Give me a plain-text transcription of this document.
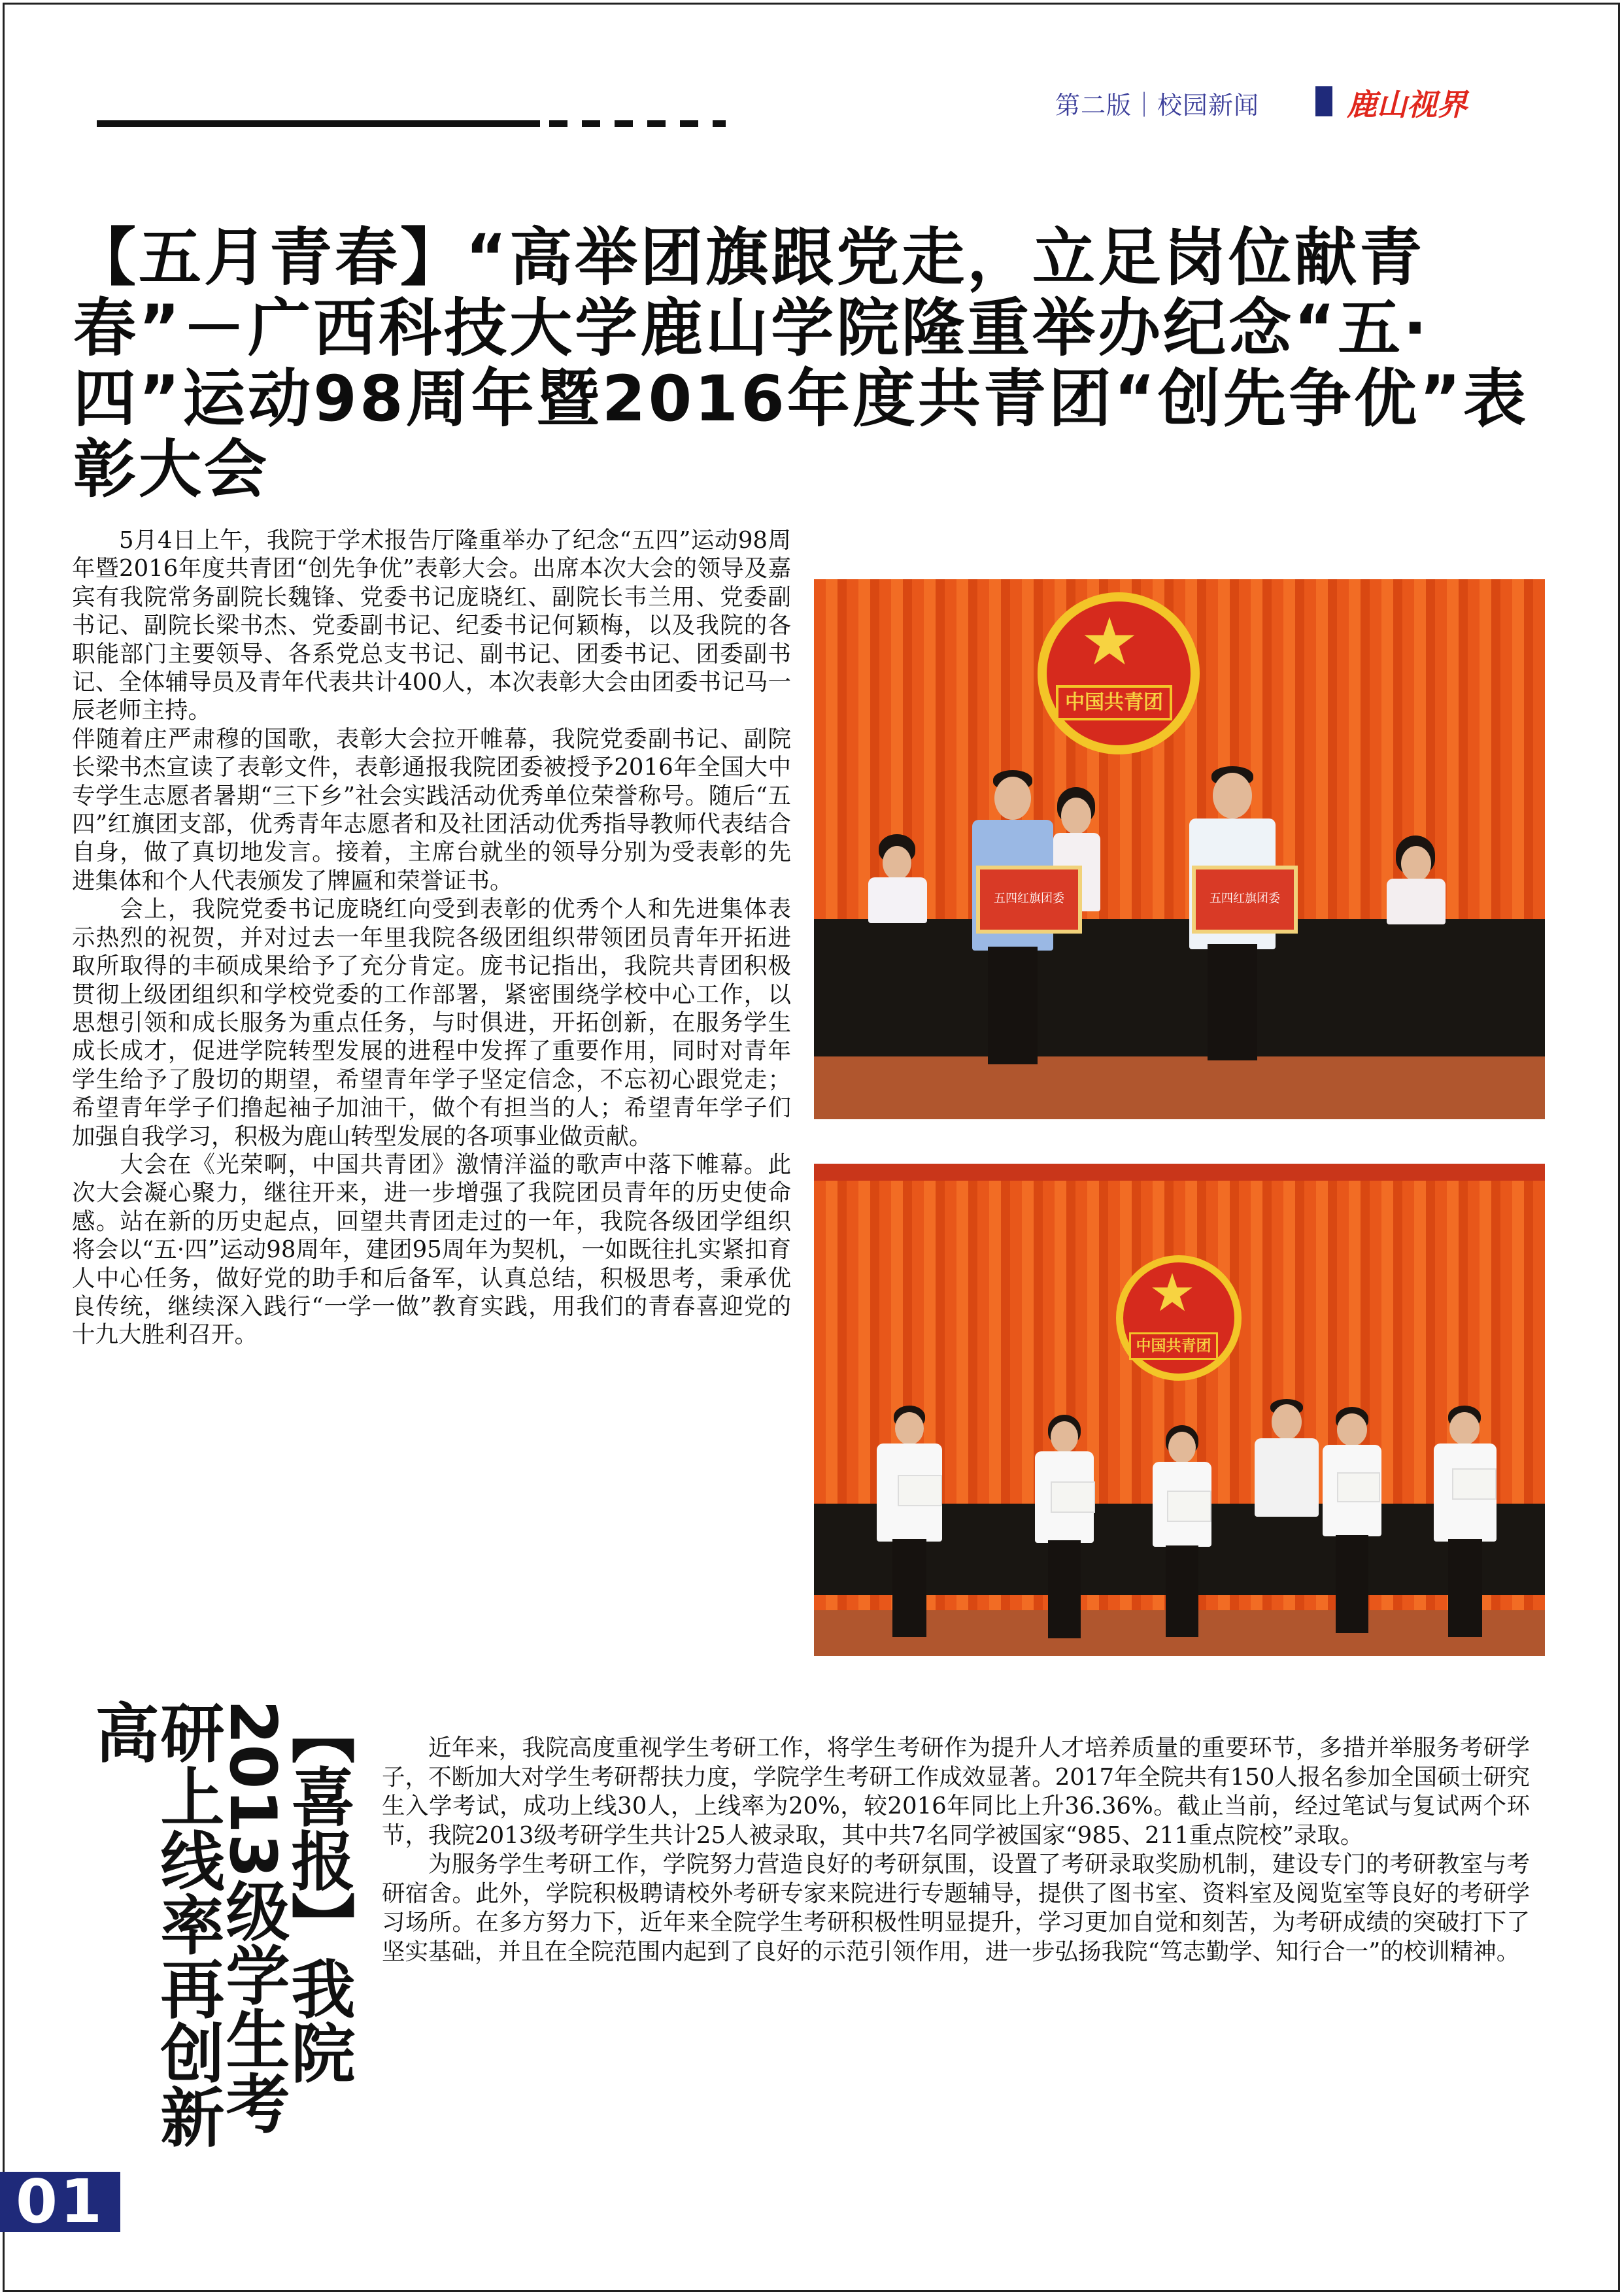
第二版｜校园新闻	鹿山视界
【五月青春】“高举团旗跟党走，立足岗位献青春”－广西科技大学鹿山学院隆重举办纪念“五·四”运动98周年暨2016年度共青团“创先争优”表彰大会

　　5月4日上午，我院于学术报告厅隆重举办了纪念“五四”运动98周年暨2016年度共青团“创先争优”表彰大会。出席本次大会的领导及嘉宾有我院常务副院长魏锋、党委书记庞晓红、副院长韦兰用、党委副书记、副院长梁书杰、党委副书记、纪委书记何颖梅，以及我院的各职能部门主要领导、各系党总支书记、副书记、团委书记、团委副书记、全体辅导员及青年代表共计400人，本次表彰大会由团委书记马一辰老师主持。

伴随着庄严肃穆的国歌，表彰大会拉开帷幕，我院党委副书记、副院长梁书杰宣读了表彰文件，表彰通报我院团委被授予2016年全国大中专学生志愿者暑期“三下乡”社会实践活动优秀单位荣誉称号。随后“五四”红旗团支部，优秀青年志愿者和及社团活动优秀指导教师代表结合自身，做了真切地发言。接着，主席台就坐的领导分别为受表彰的先进集体和个人代表颁发了牌匾和荣誉证书。

　　会上，我院党委书记庞晓红向受到表彰的优秀个人和先进集体表示热烈的祝贺，并对过去一年里我院各级团组织带领团员青年开拓进取所取得的丰硕成果给予了充分肯定。庞书记指出，我院共青团积极贯彻上级团组织和学校党委的工作部署，紧密围绕学校中心工作，以思想引领和成长服务为重点任务，与时俱进，开拓创新，在服务学生成长成才，促进学院转型发展的进程中发挥了重要作用，同时对青年学生给予了殷切的期望，希望青年学子坚定信念，不忘初心跟党走；希望青年学子们撸起袖子加油干，做个有担当的人；希望青年学子们加强自我学习，积极为鹿山转型发展的各项事业做贡献。

　　大会在《光荣啊，中国共青团》激情洋溢的歌声中落下帷幕。此次大会凝心聚力，继往开来，进一步增强了我院团员青年的历史使命感。站在新的历史起点，回望共青团走过的一年，我院各级团学组织将会以“五·四”运动98周年，建团95周年为契机，一如既往扎实紧扣育人中心任务，做好党的助手和后备军，认真总结，积极思考，秉承优良传统，继续深入践行“一学一做”教育实践，用我们的青春喜迎党的十九大胜利召开。

★
中国共青团
五四红旗团委	五四红旗团委
★
中国共青团
【喜报】我院2013级学生考研上线率再创新高	近年来，我院高度重视学生考研工作，将学生考研作为提升人才培养质量的重要环节，多措并举服务考研学子，不断加大对学生考研帮扶力度，学院学生考研工作成效显著。2017年全院共有150人报名参加全国硕士研究生入学考试，成功上线30人，上线率为20%，较2016年同比上升36.36%。截止当前，经过笔试与复试两个环节，我院2013级考研学生共计25人被录取，其中共7名同学被国家“985、211重点院校”录取。

为服务学生考研工作，学院努力营造良好的考研氛围，设置了考研录取奖励机制，建设专门的考研教室与考研宿舍。此外，学院积极聘请校外考研专家来院进行专题辅导，提供了图书室、资料室及阅览室等良好的考研学习场所。在多方努力下，近年来全院学生考研积极性明显提升，学习更加自觉和刻苦，为考研成绩的突破打下了坚实基础，并且在全院范围内起到了良好的示范引领作用，进一步弘扬我院“笃志勤学、知行合一”的校训精神。

01
